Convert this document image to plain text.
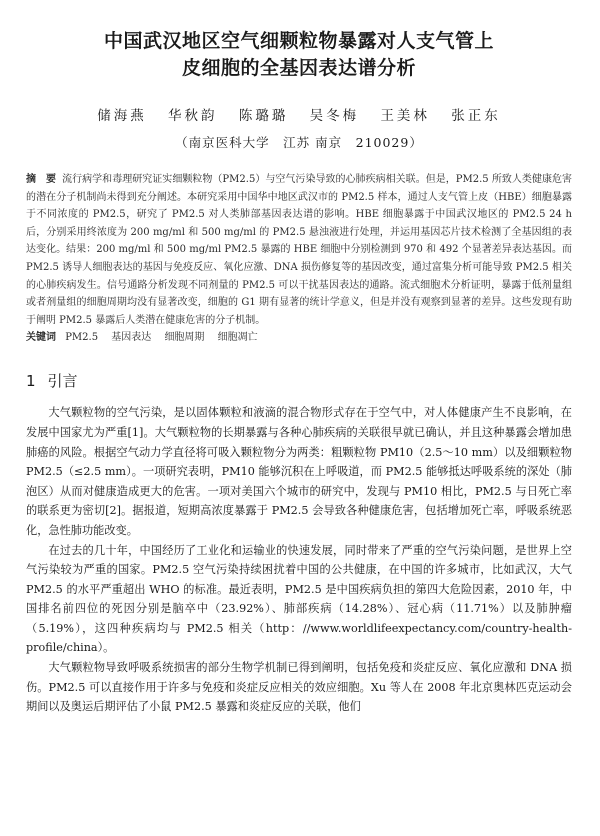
中国武汉地区空气细颗粒物暴露对人支气管上
皮细胞的全基因表达谱分析
储海燕 华秋韵 陈璐璐 吴冬梅 王美林 张正东
（南京医科大学　江苏 南京　210029）
摘　要 流行病学和毒理研究证实细颗粒物（PM2.5）与空气污染导致的心肺疾病相关联。但是，PM2.5 所致人类健康危害的潜在分子机制尚未得到充分阐述。本研究采用中国华中地区武汉市的 PM2.5 样本，通过人支气管上皮（HBE）细胞暴露于不同浓度的 PM2.5，研究了 PM2.5 对人类肺部基因表达谱的影响。HBE 细胞暴露于中国武汉地区的 PM2.5 24 h 后，分别采用终浓度为 200 mg/ml 和 500 mg/ml 的 PM2.5 悬浊液进行处理，并运用基因芯片技术检测了全基因组的表达变化。结果：200 mg/ml 和 500 mg/ml PM2.5 暴露的 HBE 细胞中分别检测到 970 和 492 个显著差异表达基因。而 PM2.5 诱导人细胞表达的基因与免疫反应、氧化应激、DNA 损伤修复等的基因改变，通过富集分析可能导致 PM2.5 相关的心肺疾病发生。信号通路分析发现不同剂量的 PM2.5 可以干扰基因表达的通路。流式细胞术分析证明，暴露于低剂量组或者剂量组的细胞周期均没有显著改变，细胞的 G1 期有显著的统计学意义，但是并没有观察到显著的差异。这些发现有助于阐明 PM2.5 暴露后人类潜在健康危害的分子机制。
关键词 PM2.5 基因表达 细胞周期 细胞凋亡
1 引言

大气颗粒物的空气污染，是以固体颗粒和液滴的混合物形式存在于空气中，对人体健康产生不良影响，在发展中国家尤为严重[1]。大气颗粒物的长期暴露与各种心肺疾病的关联很早就已确认，并且这种暴露会增加患肺癌的风险。根据空气动力学直径将可吸入颗粒物分为两类：粗颗粒物 PM10（2.5～10 mm）以及细颗粒物 PM2.5（≤2.5 mm）。一项研究表明，PM10 能够沉积在上呼吸道，而 PM2.5 能够抵达呼吸系统的深处（肺泡区）从而对健康造成更大的危害。一项对美国六个城市的研究中，发现与 PM10 相比，PM2.5 与日死亡率的联系更为密切[2]。据报道，短期高浓度暴露于 PM2.5 会导致各种健康危害，包括增加死亡率，呼吸系统恶化，急性肺功能改变。

在过去的几十年，中国经历了工业化和运输业的快速发展，同时带来了严重的空气污染问题，是世界上空气污染较为严重的国家。PM2.5 空气污染持续困扰着中国的公共健康，在中国的许多城市，比如武汉，大气 PM2.5 的水平严重超出 WHO 的标准。最近表明，PM2.5 是中国疾病负担的第四大危险因素，2010 年，中国排名前四位的死因分别是脑卒中（23.92%）、肺部疾病（14.28%）、冠心病（11.71%）以及肺肿瘤（5.19%），这四种疾病均与 PM2.5 相关（http：//www.worldlifeexpectancy.com/country-health-profile/china）。

大气颗粒物导致呼吸系统损害的部分生物学机制已得到阐明，包括免疫和炎症反应、氧化应激和 DNA 损伤。PM2.5 可以直接作用于许多与免疫和炎症反应相关的效应细胞。Xu 等人在 2008 年北京奥林匹克运动会期间以及奥运后期评估了小鼠 PM2.5 暴露和炎症反应的关联，他们
